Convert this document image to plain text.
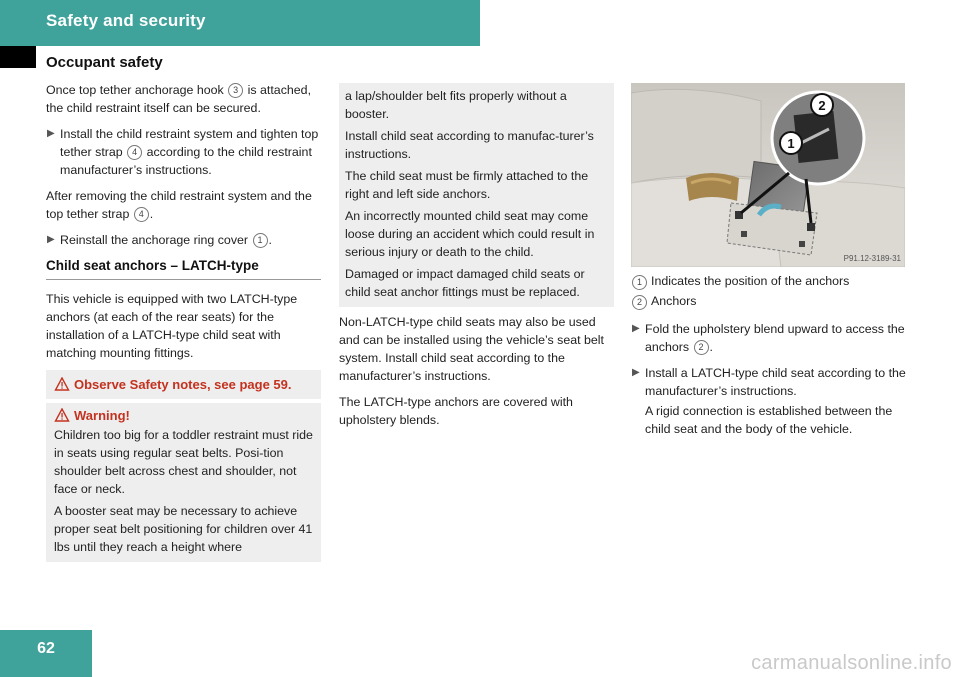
Safety and security
Occupant safety

Once top tether anchorage hook 3 is attached, the child restraint itself can be secured.

▶ Install the child restraint system and tighten top tether strap 4 according to the child restraint manufacturer’s instructions.

After removing the child restraint system and the top tether strap 4 .

▶ Reinstall the anchorage ring cover 1 .
Child seat anchors – LATCH-type

This vehicle is equipped with two LATCH-type anchors (at each of the rear seats) for the installation of a LATCH-type child seat with matching mounting fittings.

Observe Safety notes, see page 59.
Warning!

Children too big for a toddler restraint must ride in seats using regular seat belts. Posi-tion shoulder belt across chest and shoulder, not face or neck.

A booster seat may be necessary to achieve proper seat belt positioning for children over 41 lbs until they reach a height where

a lap/shoulder belt fits properly without a booster.

Install child seat according to manufac-turer’s instructions.

The child seat must be firmly attached to the right and left side anchors.

An incorrectly mounted child seat may come loose during an accident which could result in serious injury or death to the child.

Damaged or impact damaged child seats or child seat anchor fittings must be replaced.

Non-LATCH-type child seats may also be used and can be installed using the vehicle’s seat belt system. Install child seat according to the manufacturer’s instructions.

The LATCH-type anchors are covered with upholstery blends.

1
2
P91.12-3189-31
1 Indicates the position of the anchors
2 Anchors
▶ Fold the upholstery blend upward to access the anchors 2 .
▶ Install a LATCH-type child seat according to the manufacturer’s instructions.

A rigid connection is established between the child seat and the body of the vehicle.

62
carmanualsonline.info
